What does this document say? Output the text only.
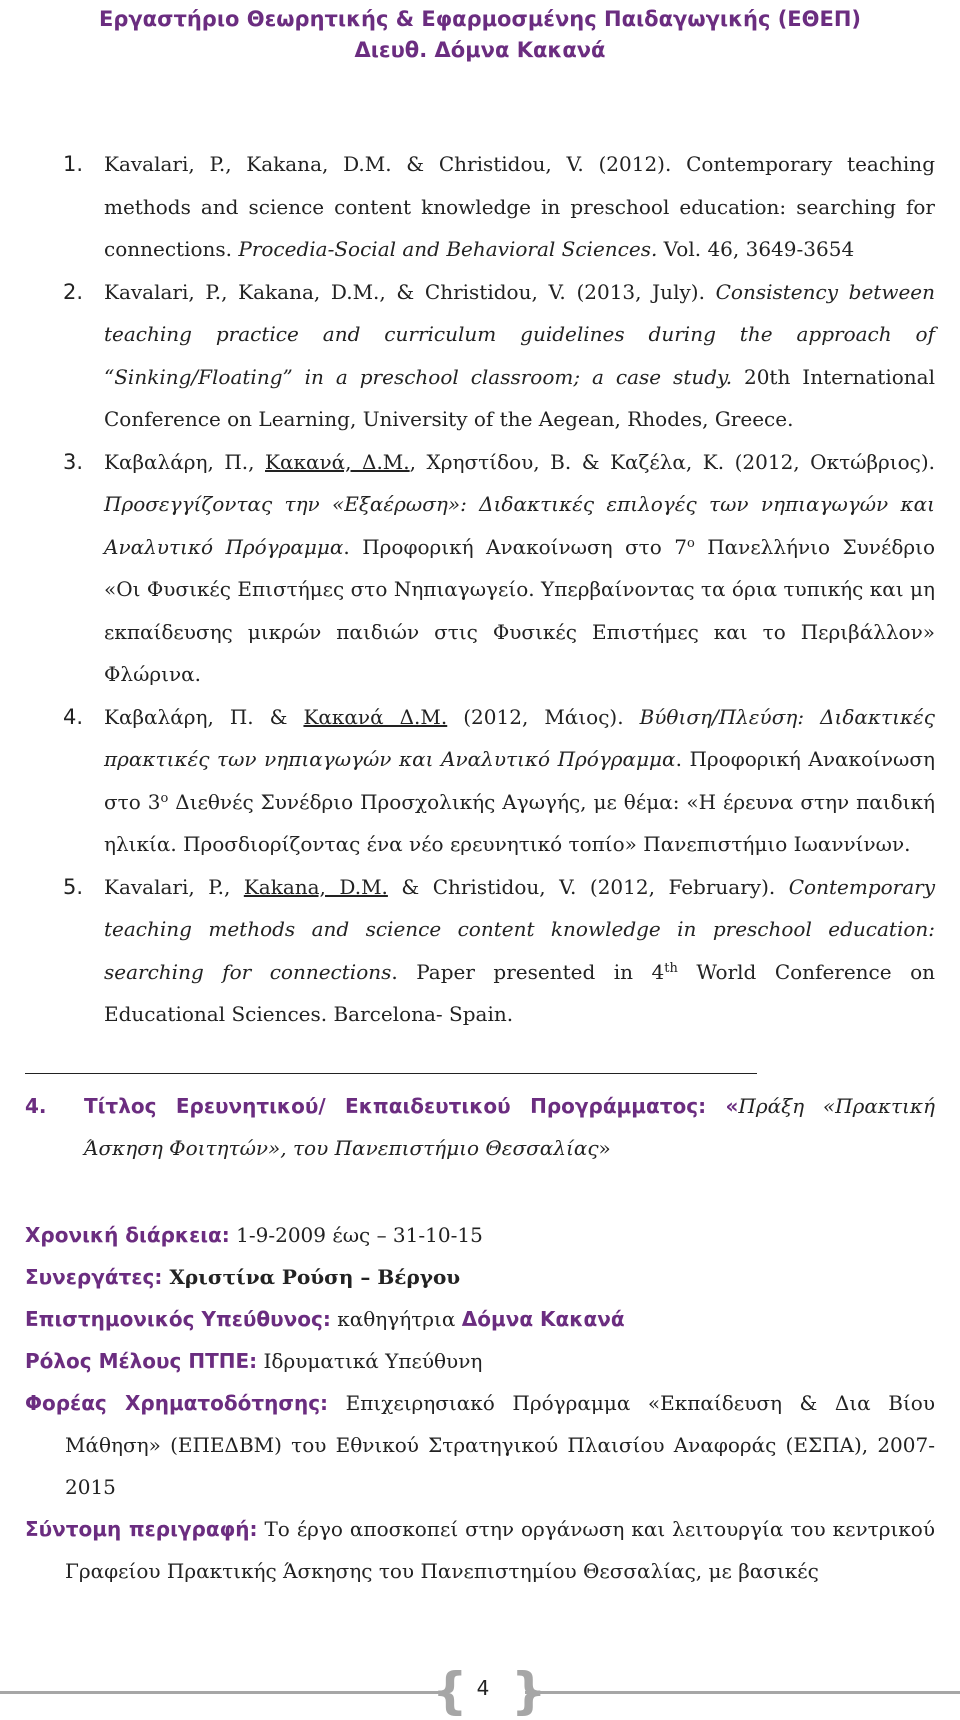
Εργαστήριο Θεωρητικής & Εφαρμοσμένης Παιδαγωγικής (ΕΘΕΠ)
Διευθ. Δόμνα Κακανά
1. Kavalari, P., Kakana, D.M. & Christidou, V. (2012). Contemporary teaching methods and science content knowledge in preschool education: searching for connections. Procedia-Social and Behavioral Sciences. Vol. 46, 3649-3654
2. Kavalari, P., Kakana, D.M., & Christidou, V. (2013, July). Consistency between teaching practice and curriculum guidelines during the approach of “Sinking/Floating” in a preschool classroom; a case study. 20th International Conference on Learning, University of the Aegean, Rhodes, Greece.
3. Καβαλάρη, Π., Κακανά, Δ.Μ., Χρηστίδου, Β. & Καζέλα, Κ. (2012, Οκτώβριος). Προσεγγίζοντας την «Εξαέρωση»: Διδακτικές επιλογές των νηπιαγωγών και Αναλυτικό Πρόγραμμα. Προφορική Ανακοίνωση στο $7^o$ Πανελλήνιο Συνέδριο «Οι Φυσικές Επιστήμες στο Νηπιαγωγείο. Υπερβαίνοντας τα όρια τυπικής και μη εκπαίδευσης μικρών παιδιών στις Φυσικές Επιστήμες και το Περιβάλλον» Φλώρινα.
4. Καβαλάρη, Π. & Κακανά Δ.Μ. (2012, Μάιος). Βύθιση/Πλεύση: Διδακτικές πρακτικές των νηπιαγωγών και Αναλυτικό Πρόγραμμα. Προφορική Ανακοίνωση στο $3^o$ Διεθνές Συνέδριο Προσχολικής Αγωγής, με θέμα: «Η έρευνα στην παιδική ηλικία. Προσδιορίζοντας ένα νέο ερευνητικό τοπίο» Πανεπιστήμιο Ιωαννίνων.
5. Kavalari, P., Kakana, D.M. & Christidou, V. (2012, February). Contemporary teaching methods and science content knowledge in preschool education: searching for connections. Paper presented in 4th World Conference on Educational Sciences. Barcelona- Spain.
4.	Τίτλος Ερευνητικού/ Εκπαιδευτικού Προγράμματος: «Πράξη «Πρακτική Άσκηση Φοιτητών», του Πανεπιστήμιο Θεσσαλίας»
Χρονική διάρκεια: 1-9-2009 έως – 31-10-15
Συνεργάτες: Χριστίνα Ρούση – Βέργου
Επιστημονικός Υπεύθυνος: καθηγήτρια Δόμνα Κακανά
Ρόλος Μέλους ΠΤΠΕ: Ιδρυματικά Υπεύθυνη
Φορέας Χρηματοδότησης: Επιχειρησιακό Πρόγραμμα «Εκπαίδευση & Δια Βίου Μάθηση» (ΕΠΕΔΒΜ) του Εθνικού Στρατηγικού Πλαισίου Αναφοράς (ΕΣΠΑ), 2007-2015
Σύντομη περιγραφή: Το έργο αποσκοπεί στην οργάνωση και λειτουργία του κεντρικού Γραφείου Πρακτικής Άσκησης του Πανεπιστημίου Θεσσαλίας, με βασικές
{ }
4
